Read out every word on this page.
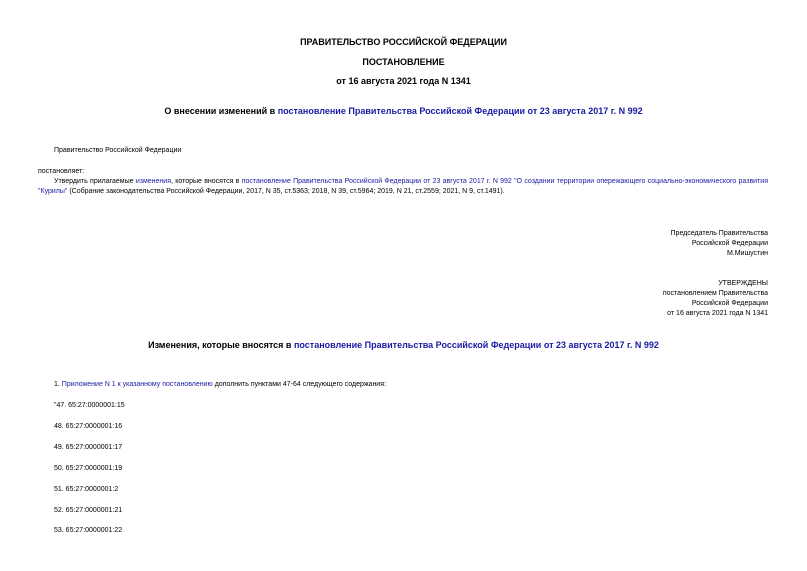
ПРАВИТЕЛЬСТВО РОССИЙСКОЙ ФЕДЕРАЦИИ
ПОСТАНОВЛЕНИЕ
от 16 августа 2021 года N 1341
О внесении изменений в постановление Правительства Российской Федерации от 23 августа 2017 г. N 992
Правительство Российской Федерации
постановляет:
Утвердить прилагаемые изменения, которые вносятся в постановление Правительства Российской Федерации от 23 августа 2017 г. N 992 "О создании территории опережающего социально-экономического развития "Курилы" (Собрание законодательства Российской Федерации, 2017, N 35, ст.5363; 2018, N 39, ст.5964; 2019, N 21, ст.2559; 2021, N 9, ст.1491).
Председатель Правительства
Российской Федерации
М.Мишустин
УТВЕРЖДЕНЫ
постановлением Правительства
Российской Федерации
от 16 августа 2021 года N 1341
Изменения, которые вносятся в постановление Правительства Российской Федерации от 23 августа 2017 г. N 992
1. Приложение N 1 к указанному постановлению дополнить пунктами 47-64 следующего содержания:
"47. 65:27:0000001:15
48. 65:27:0000001:16
49. 65:27:0000001:17
50. 65:27:0000001:19
51. 65:27:0000001:2
52. 65:27:0000001:21
53. 65:27:0000001:22
